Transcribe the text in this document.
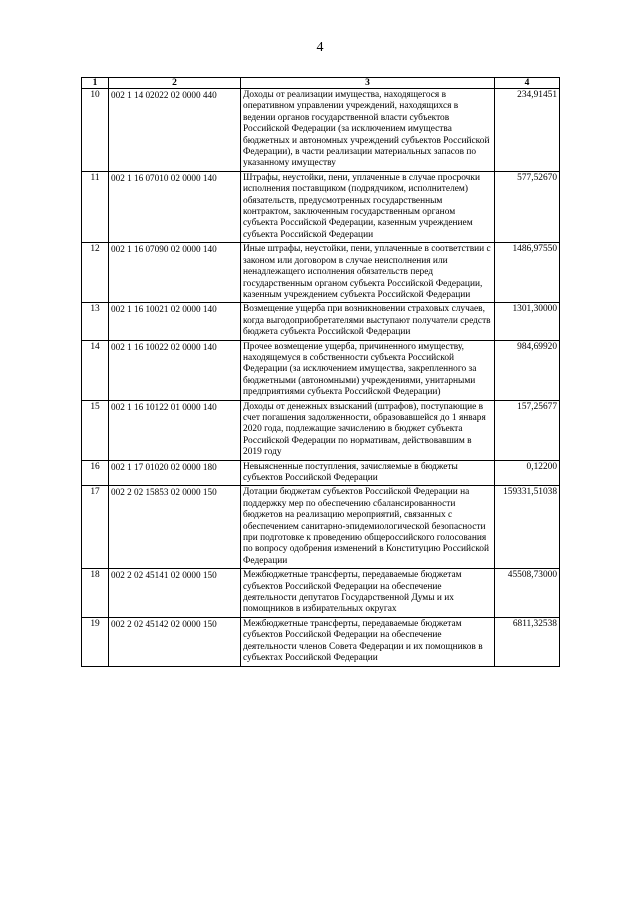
4
1	2	3	4
10	002 1 14 02022 02 0000 440	Доходы от реализации имущества, находящегося в оперативном управлении учреждений, находящихся в ведении органов государственной власти субъектов Российской Федерации (за исключением имущества бюджетных и автономных учреждений субъектов Российской Федерации), в части реализации материальных запасов по указанному имуществу	234,91451
11	002 1 16 07010 02 0000 140	Штрафы, неустойки, пени, уплаченные в случае просрочки исполнения поставщиком (подрядчиком, исполнителем) обязательств, предусмотренных государственным контрактом, заключенным государственным органом субъекта Российской Федерации, казенным учреждением субъекта Российской Федерации	577,52670
12	002 1 16 07090 02 0000 140	Иные штрафы, неустойки, пени, уплаченные в соответствии с законом или договором в случае неисполнения или ненадлежащего исполнения обязательств перед государственным органом субъекта Российской Федерации, казенным учреждением субъекта Российской Федерации	1486,97550
13	002 1 16 10021 02 0000 140	Возмещение ущерба при возникновении страховых случаев, когда выгодоприобретателями выступают получатели средств бюджета субъекта Российской Федерации	1301,30000
14	002 1 16 10022 02 0000 140	Прочее возмещение ущерба, причиненного имуществу, находящемуся в собственности субъекта Российской Федерации (за исключением имущества, закрепленного за бюджетными (автономными) учреждениями, унитарными предприятиями субъекта Российской Федерации)	984,69920
15	002 1 16 10122 01 0000 140	Доходы от денежных взысканий (штрафов), поступающие в счет погашения задолженности, образовавшейся до 1 января 2020 года, подлежащие зачислению в бюджет субъекта Российской Федерации по нормативам, действовавшим в 2019 году	157,25677
16	002 1 17 01020 02 0000 180	Невыясненные поступления, зачисляемые в бюджеты субъектов Российской Федерации	0,12200
17	002 2 02 15853 02 0000 150	Дотации бюджетам субъектов Российской Федерации на поддержку мер по обеспечению сбалансированности бюджетов на реализацию мероприятий, связанных с обеспечением санитарно-эпидемиологической безопасности при подготовке к проведению общероссийского голосования по вопросу одобрения изменений в Конституцию Российской Федерации	159331,51038
18	002 2 02 45141 02 0000 150	Межбюджетные трансферты, передаваемые бюджетам субъектов Российской Федерации на обеспечение деятельности депутатов Государственной Думы и их помощников в избирательных округах	45508,73000
19	002 2 02 45142 02 0000 150	Межбюджетные трансферты, передаваемые бюджетам субъектов Российской Федерации на обеспечение деятельности членов Совета Федерации и их помощников в субъектах Российской Федерации	6811,32538
